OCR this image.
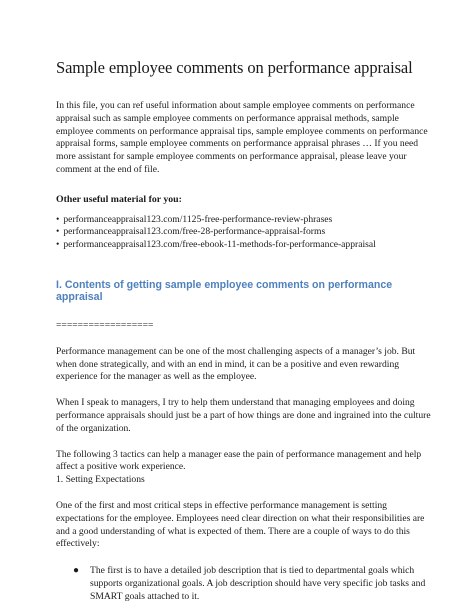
Sample employee comments on performance appraisal

In this file, you can ref useful information about sample employee comments on performance appraisal such as sample employee comments on performance appraisal methods, sample employee comments on performance appraisal tips, sample employee comments on performance appraisal forms, sample employee comments on performance appraisal phrases … If you need more assistant for sample employee comments on performance appraisal, please leave your comment at the end of file.

Other useful material for you:

• performanceappraisal123.com/1125-free-performance-review-phrases
• performanceappraisal123.com/free-28-performance-appraisal-forms
• performanceappraisal123.com/free-ebook-11-methods-for-performance-appraisal
I. Contents of getting sample employee comments on performance appraisal
==================

Performance management can be one of the most challenging aspects of a manager’s job. But when done strategically, and with an end in mind, it can be a positive and even rewarding experience for the manager as well as the employee.

When I speak to managers, I try to help them understand that managing employees and doing performance appraisals should just be a part of how things are done and ingrained into the culture of the organization.

The following 3 tactics can help a manager ease the pain of performance management and help affect a positive work experience.

1. Setting Expectations

One of the first and most critical steps in effective performance management is setting expectations for the employee. Employees need clear direction on what their responsibilities are and a good understanding of what is expected of them. There are a couple of ways to do this effectively:

● The first is to have a detailed job description that is tied to departmental goals which supports organizational goals. A job description should have very specific job tasks and SMART goals attached to it.
